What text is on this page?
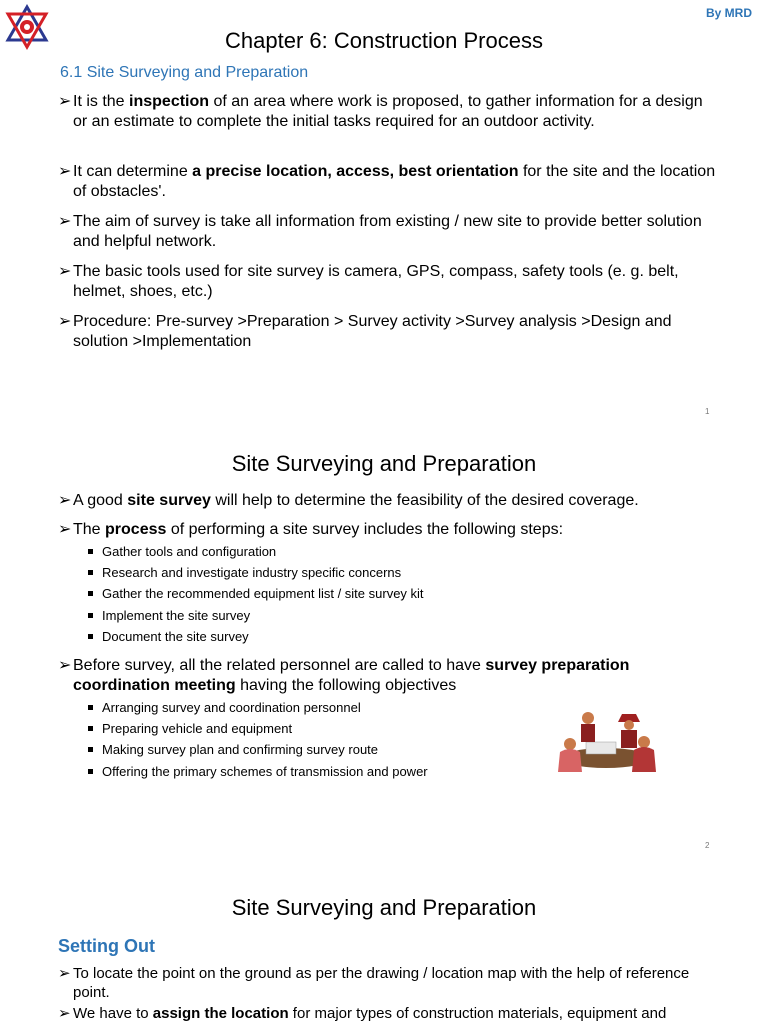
By MRD
Chapter 6: Construction Process
6.1 Site Surveying and Preparation
➢ It is the inspection of an area where work is proposed, to gather information for a design or an estimate to complete the initial tasks required for an outdoor activity.
➢ It can determine a precise location, access, best orientation for the site and the location of obstacles'.
➢ The aim of survey is take all information from existing / new site to provide better solution and helpful network.
➢ The basic tools used for site survey is camera, GPS, compass, safety tools (e. g. belt, helmet, shoes, etc.)
➢ Procedure: Pre-survey >Preparation > Survey activity >Survey analysis >Design and solution >Implementation
1
Site Surveying and Preparation
➢ A good site survey will help to determine the feasibility of the desired coverage.
➢ The process of performing a site survey includes the following steps:
Gather tools and configuration
Research and investigate industry specific concerns
Gather the recommended equipment list / site survey kit
Implement the site survey
Document the site survey
➢ Before survey, all the related personnel are called to have survey preparation coordination meeting having the following objectives
Arranging survey and coordination personnel
Preparing vehicle and equipment
Making survey plan and confirming survey route
Offering the primary schemes of transmission and power
2
Site Surveying and Preparation
Setting Out
➢ To locate the point on the ground as per the drawing / location map with the help of reference point.
➢ We have to assign the location for major types of construction materials, equipment and
